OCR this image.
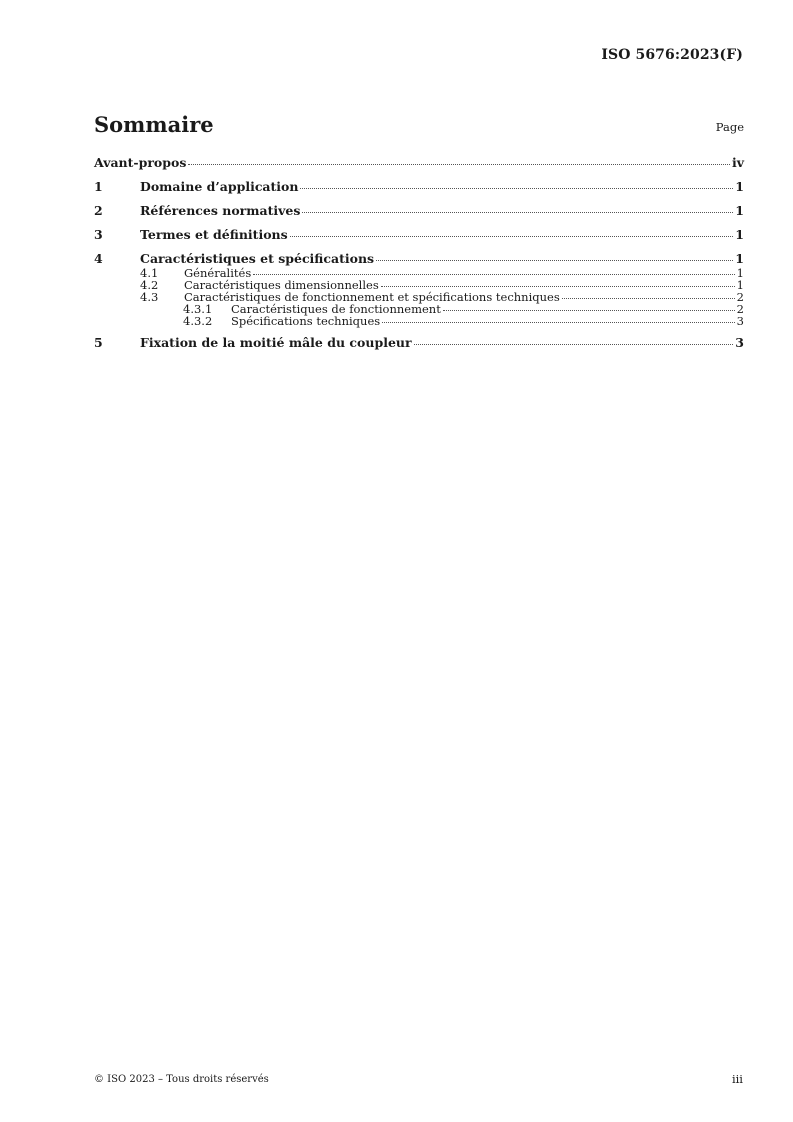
ISO 5676:2023(F)
Sommaire	Page
Avant-propos	iv
1	Domaine d’application	1
2	Références normatives	1
3	Termes et définitions	1
4	Caractéristiques et spécifications	1
4.1	Généralités	1
4.2	Caractéristiques dimensionnelles	1
4.3	Caractéristiques de fonctionnement et spécifications techniques	2
4.3.1	Caractéristiques de fonctionnement	2
4.3.2	Spécifications techniques	3
5	Fixation de la moitié mâle du coupleur	3
© ISO 2023 – Tous droits réservés	iii
